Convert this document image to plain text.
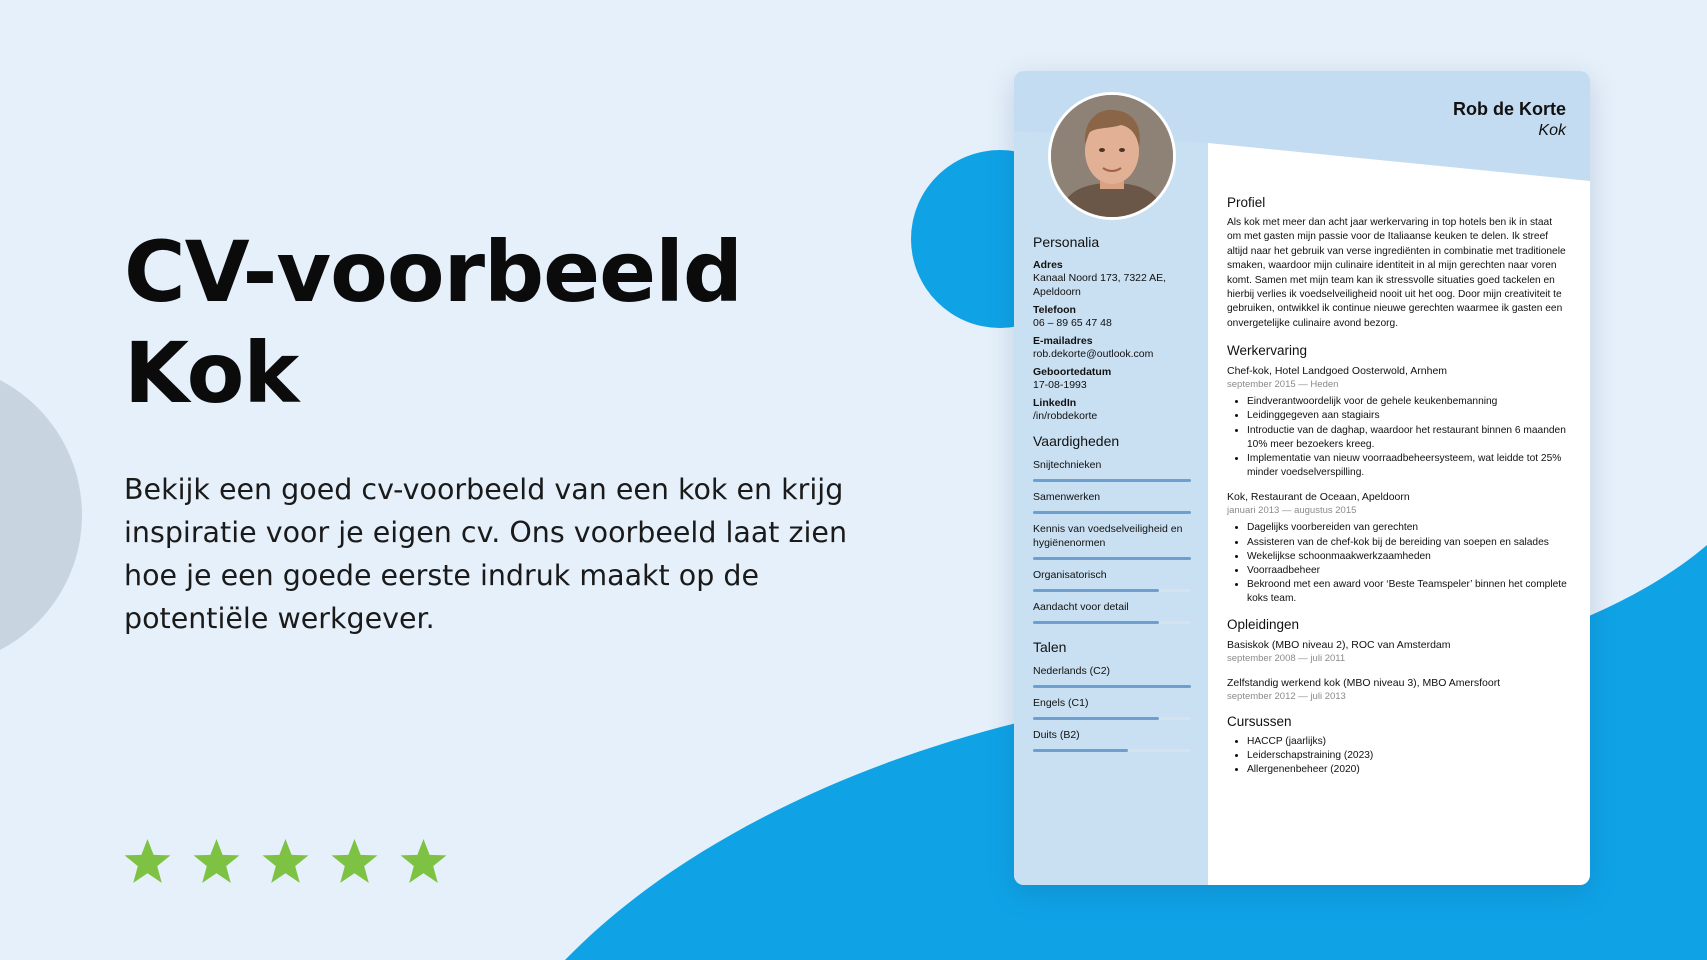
CV-voorbeeld
Kok

Bekijk een goed cv-voorbeeld van een kok en krijg inspiratie voor je eigen cv. Ons voorbeeld laat zien hoe je een goede eerste indruk maakt op de potentiële werkgever.

Rob de Korte
Kok
Personalia
Adres
Kanaal Noord 173, 7322 AE, Apeldoorn
Telefoon
06 – 89 65 47 48
E-mailadres
rob.dekorte@outlook.com
Geboortedatum
17-08-1993
LinkedIn
/in/robdekorte
Vaardigheden
Snijtechnieken
Samenwerken
Kennis van voedselveiligheid en hygiënenormen
Organisatorisch
Aandacht voor detail
Talen
Nederlands (C2)
Engels (C1)
Duits (B2)
Profiel

Als kok met meer dan acht jaar werkervaring in top hotels ben ik in staat om met gasten mijn passie voor de Italiaanse keuken te delen. Ik streef altijd naar het gebruik van verse ingrediënten in combinatie met traditionele smaken, waardoor mijn culinaire identiteit in al mijn gerechten naar voren komt. Samen met mijn team kan ik stressvolle situaties goed tackelen en hierbij verlies ik voedselveiligheid nooit uit het oog. Door mijn creativiteit te gebruiken, ontwikkel ik continue nieuwe gerechten waarmee ik gasten een onvergetelijke culinaire avond bezorg.

Werkervaring
Chef-kok, Hotel Landgoed Oosterwold, Arnhem
september 2015 — Heden
• Eindverantwoordelijk voor de gehele keukenbemanning
• Leidinggegeven aan stagiairs
• Introductie van de daghap, waardoor het restaurant binnen 6 maanden 10% meer bezoekers kreeg.
• Implementatie van nieuw voorraadbeheersysteem, wat leidde tot 25% minder voedselverspilling.
Kok, Restaurant de Oceaan, Apeldoorn
januari 2013 — augustus 2015
• Dagelijks voorbereiden van gerechten
• Assisteren van de chef-kok bij de bereiding van soepen en salades
• Wekelijkse schoonmaakwerkzaamheden
• Voorraadbeheer
• Bekroond met een award voor ‘Beste Teamspeler’ binnen het complete koks team.
Opleidingen
Basiskok (MBO niveau 2), ROC van Amsterdam
september 2008 — juli 2011
Zelfstandig werkend kok (MBO niveau 3), MBO Amersfoort
september 2012 — juli 2013
Cursussen
• HACCP (jaarlijks)
• Leiderschapstraining (2023)
• Allergenenbeheer (2020)
